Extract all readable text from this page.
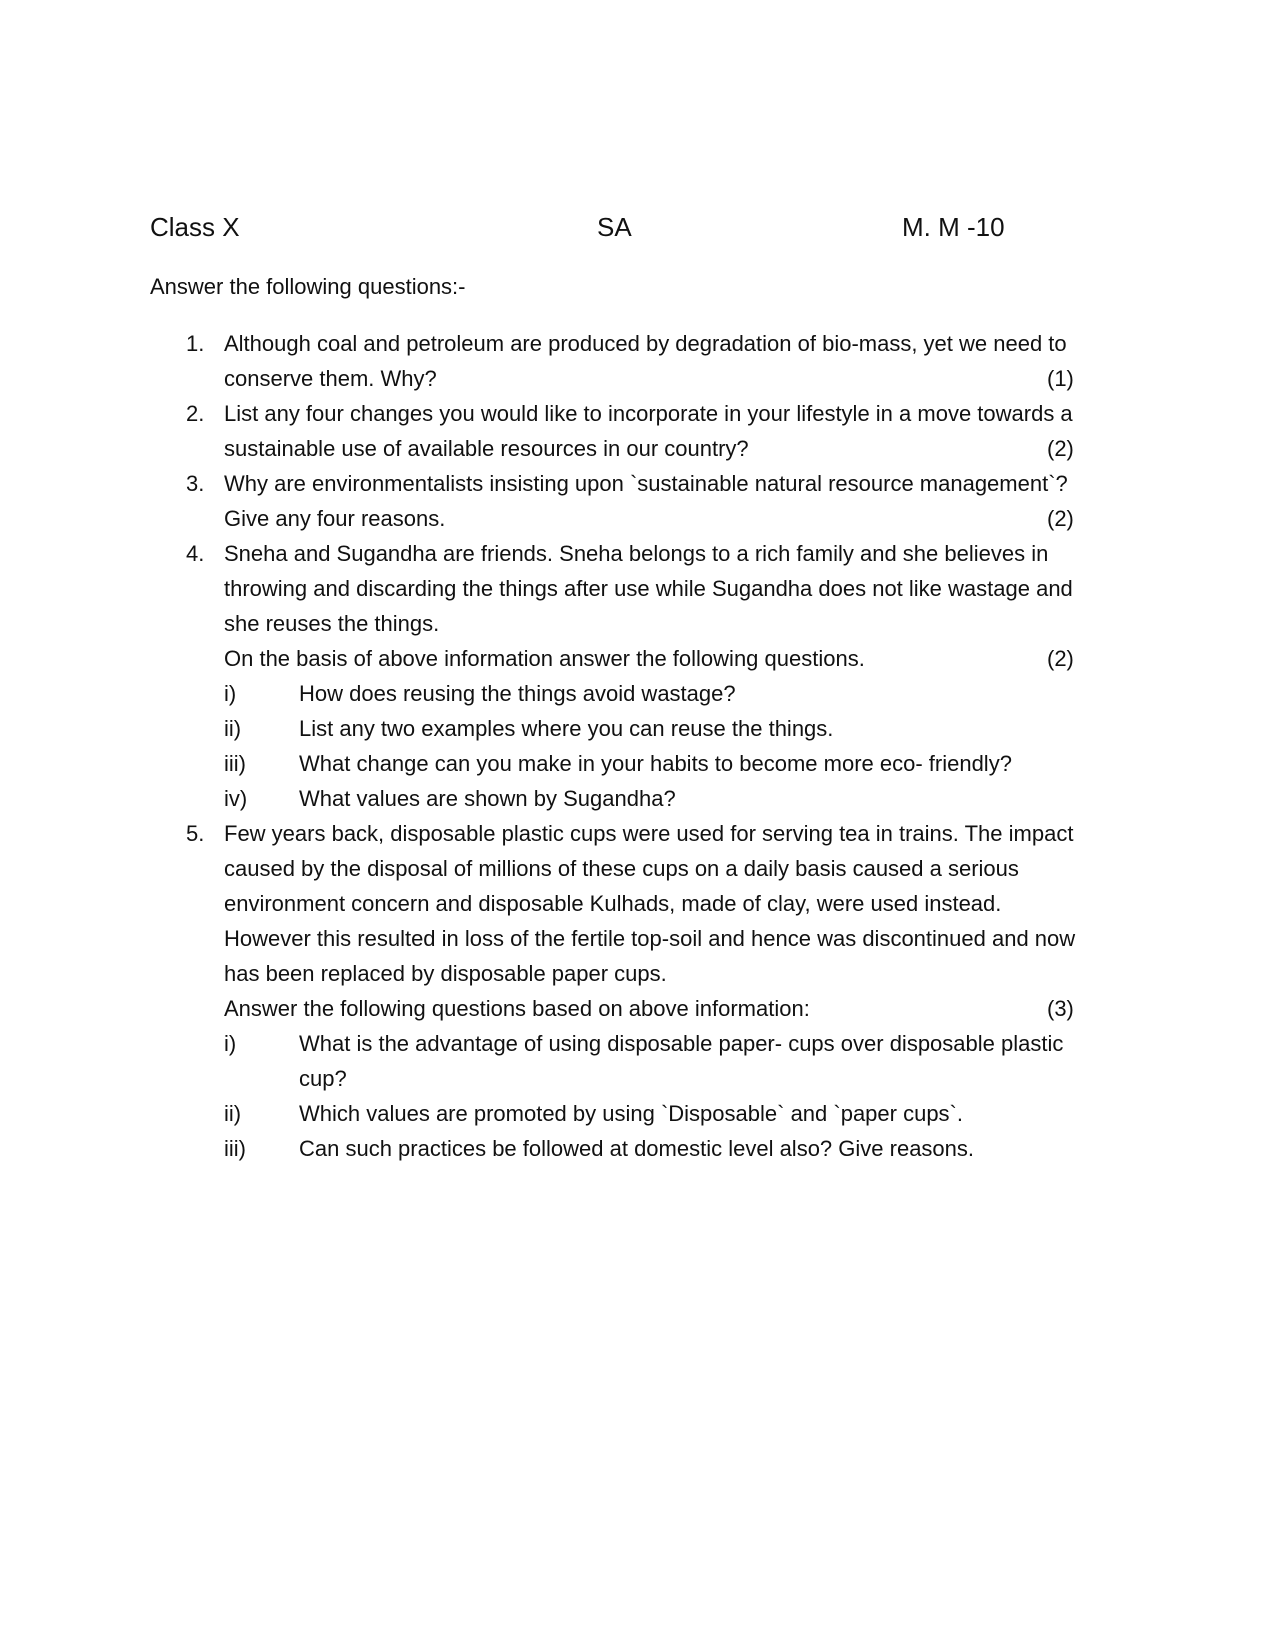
Class X	SA	M. M -10
Answer the following questions:-
1. Although coal and petroleum are produced by degradation of bio-mass, yet we need to
conserve them. Why?	(1)
2. List any four changes you would like to incorporate in your lifestyle in a move towards a
sustainable use of available resources in our country?	(2)
3. Why are environmentalists insisting upon `sustainable natural resource management`?
Give any four reasons.	(2)
4. Sneha and Sugandha are friends. Sneha belongs to a rich family and she believes in
throwing and discarding the things after use while Sugandha does not like wastage and
she reuses the things.
On the basis of above information answer the following questions.	(2)
i)	How does reusing the things avoid wastage?
ii)	List any two examples where you can reuse the things.
iii) What change can you make in your habits to become more eco- friendly?
iv) What values are shown by Sugandha?
5. Few years back, disposable plastic cups were used for serving tea in trains. The impact
caused by the disposal of millions of these cups on a daily basis caused a serious
environment concern and disposable Kulhads, made of clay, were used instead.
However this resulted in loss of the fertile top-soil and hence was discontinued and now
has been replaced by disposable paper cups.
Answer the following questions based on above information:	(3)
i)	What is the advantage of using disposable paper- cups over disposable plastic
cup?
ii)	Which values are promoted by using `Disposable` and `paper cups`.
iii) Can such practices be followed at domestic level also? Give reasons.
